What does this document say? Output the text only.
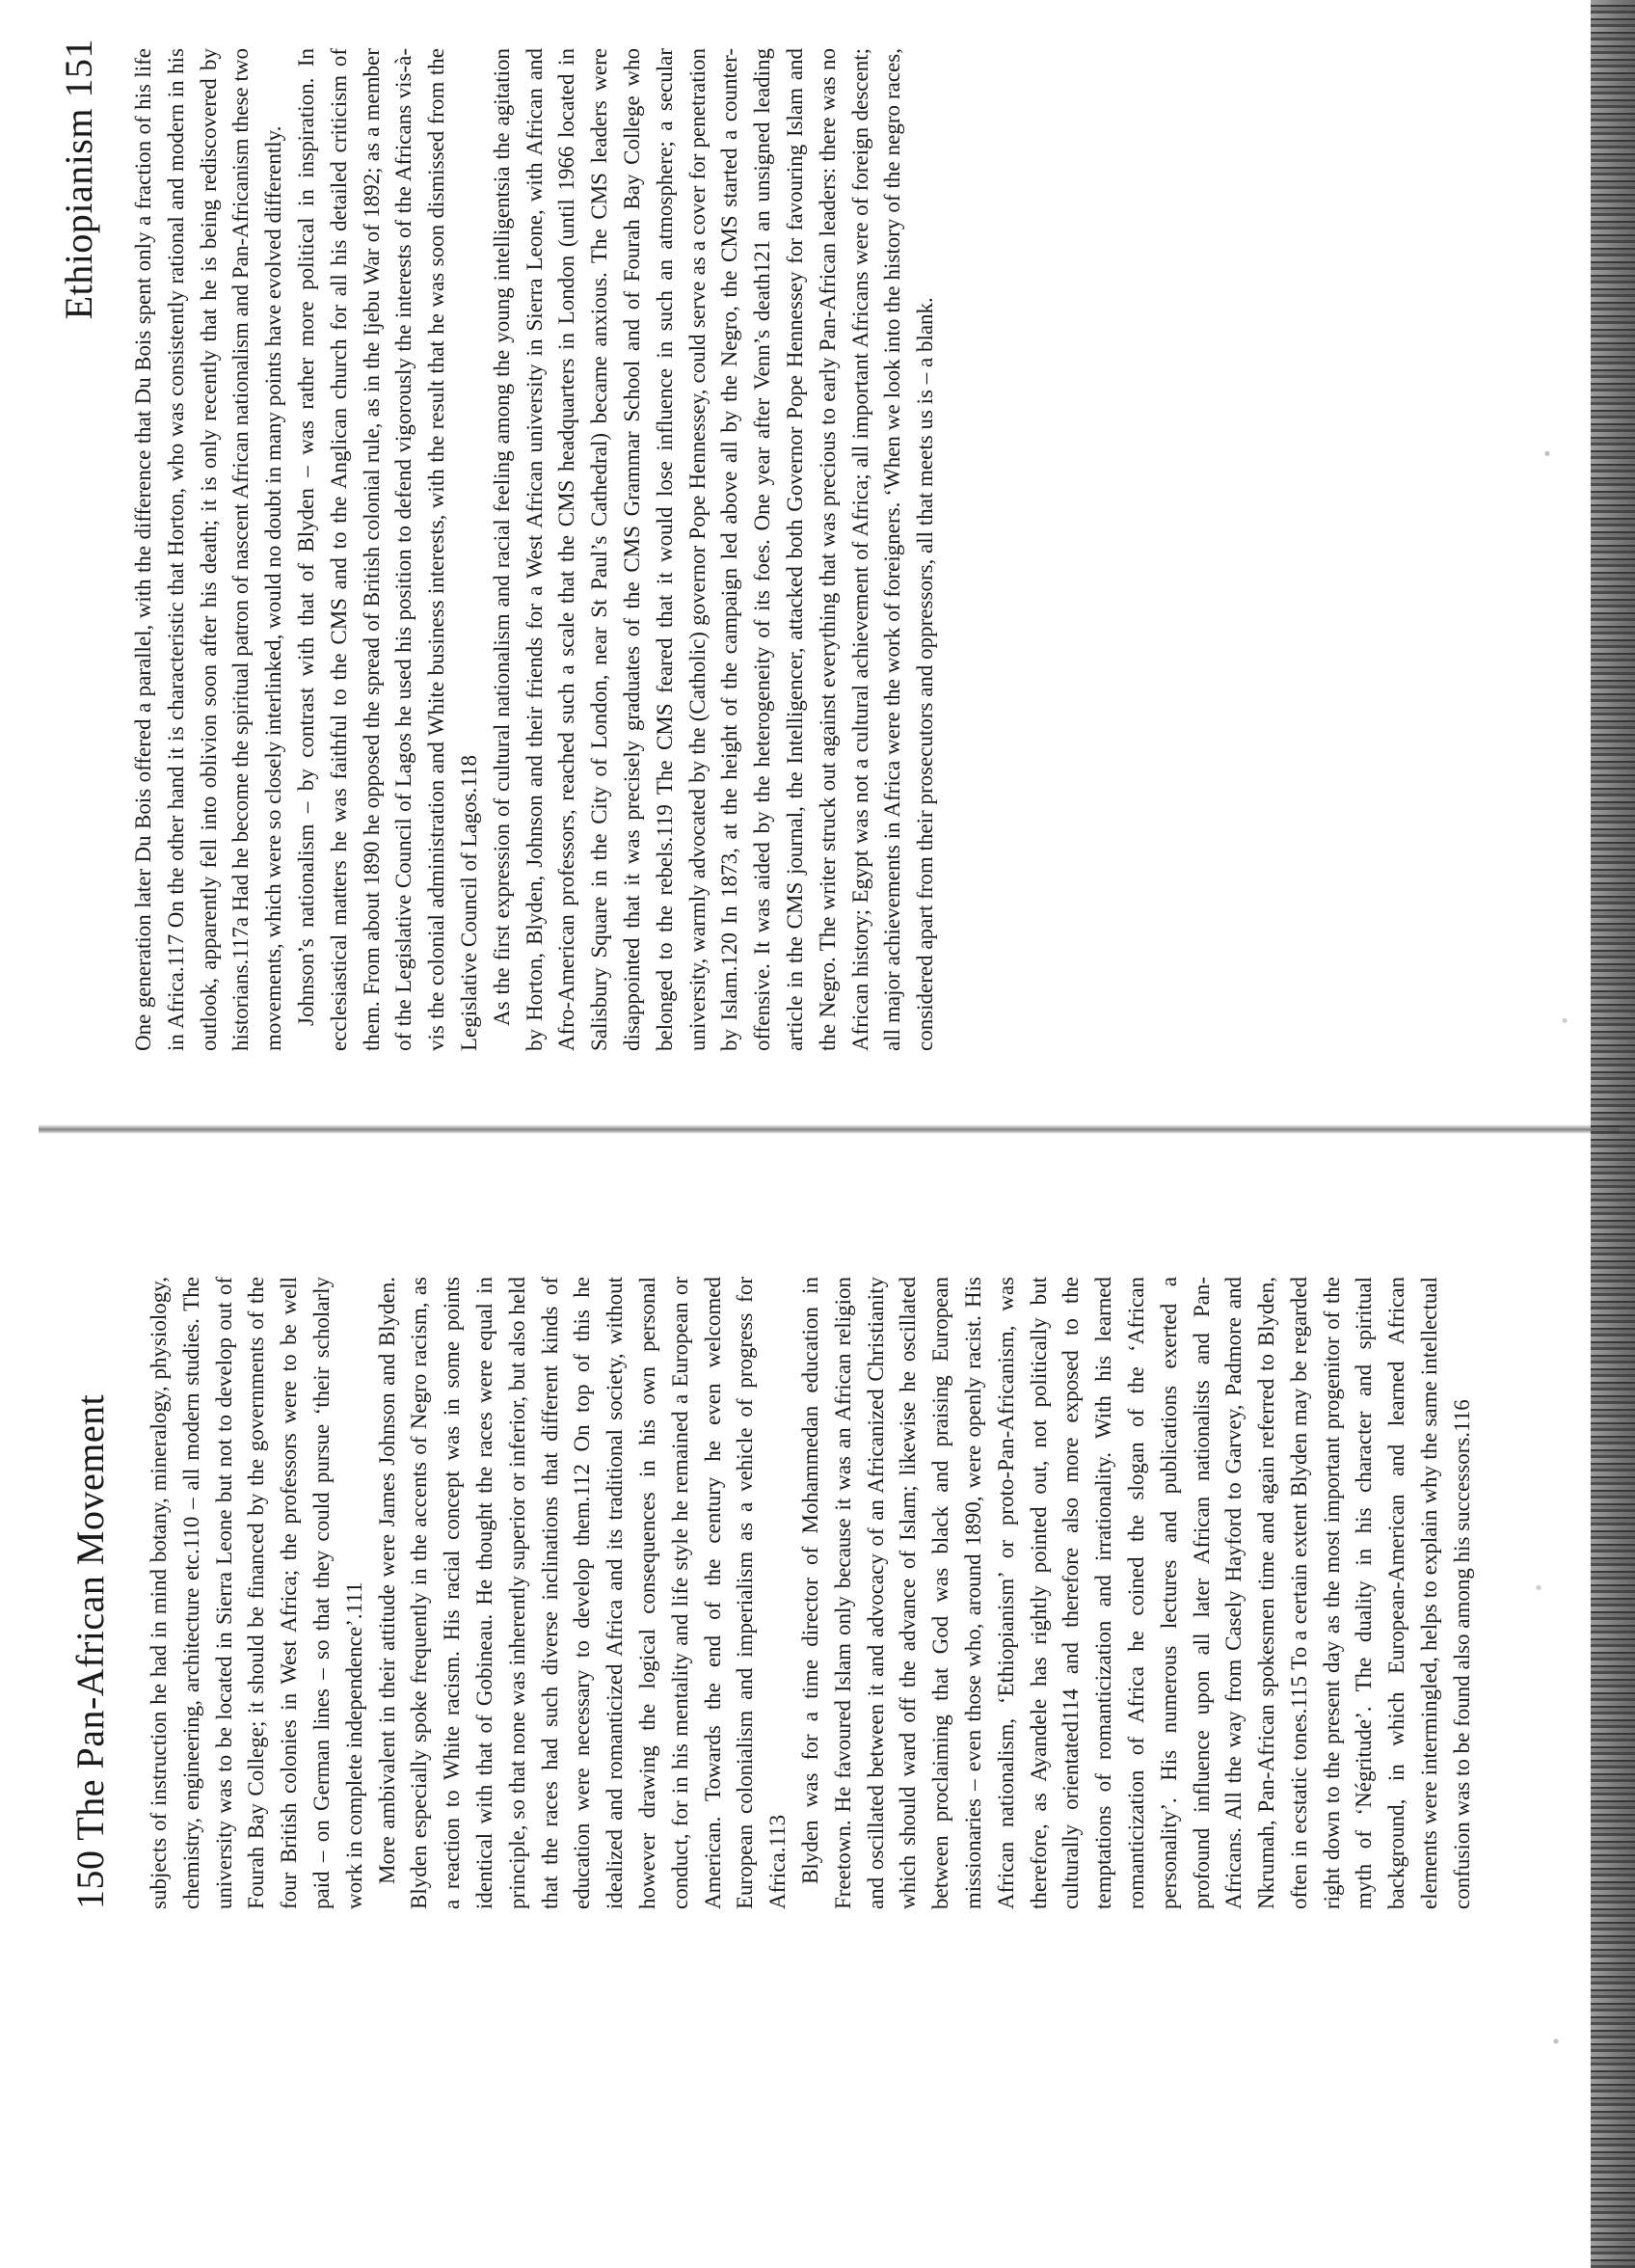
150 The Pan-African Movement subjects of instruction he had in mind botany, mineralogy, physiology, chemistry, engineering, architecture etc.110 – all modern studies. The university was to be located in Sierra Leone but not to develop out of Fourah Bay College; it should be financed by the governments of the four British colonies in West Africa; the professors were to be well paid – on German lines – so that they could pursue ‘their scholarly work in complete independence’.111 More ambivalent in their attitude were James Johnson and Blyden. Blyden especially spoke frequently in the accents of Negro racism, as a reaction to White racism. His racial concept was in some points identical with that of Gobineau. He thought the races were equal in principle, so that none was inherently superior or inferior, but also held that the races had such diverse inclinations that different kinds of education were necessary to develop them.112 On top of this he idealized and romanticized Africa and its traditional society, without however drawing the logical consequences in his own personal conduct, for in his mentality and life style he remained a European or American. Towards the end of the century he even welcomed European colonialism and imperialism as a vehicle of progress for Africa.113 Blyden was for a time director of Mohammedan education in Freetown. He favoured Islam only because it was an African religion and oscillated between it and advocacy of an Africanized Christianity which should ward off the advance of Islam; likewise he oscillated between proclaiming that God was black and praising European missionaries – even those who, around 1890, were openly racist. His African nationalism, ‘Ethiopianism’ or proto-Pan-Africanism, was therefore, as Ayandele has rightly pointed out, not politically but culturally orientated114 and therefore also more exposed to the temptations of romanticization and irrationality. With his learned romanticization of Africa he coined the slogan of the ‘African personality’. His numerous lectures and publications exerted a profound influence upon all later African nationalists and Pan-Africans. All the way from Casely Hayford to Garvey, Padmore and Nkrumah, Pan-African spokesmen time and again referred to Blyden, often in ecstatic tones.115 To a certain extent Blyden may be regarded right down to the present day as the most important progenitor of the myth of ‘Négritude’. The duality in his character and spiritual background, in which European-American and learned African elements were intermingled, helps to explain why the same intellectual confusion was to be found also among his successors.116

Ethiopianism 151 One generation later Du Bois offered a parallel, with the difference that Du Bois spent only a fraction of his life in Africa.117 On the other hand it is characteristic that Horton, who was consistently rational and modern in his outlook, apparently fell into oblivion soon after his death; it is only recently that he is being rediscovered by historians.117a Had he become the spiritual patron of nascent African nationalism and Pan-Africanism these two movements, which were so closely interlinked, would no doubt in many points have evolved differently. Johnson’s nationalism – by contrast with that of Blyden – was rather more political in inspiration. In ecclesiastical matters he was faithful to the CMS and to the Anglican church for all his detailed criticism of them. From about 1890 he opposed the spread of British colonial rule, as in the Ijebu War of 1892; as a member of the Legislative Council of Lagos he used his position to defend vigorously the interests of the Africans vis-à-vis the colonial administration and White business interests, with the result that he was soon dismissed from the Legislative Council of Lagos.118 As the first expression of cultural nationalism and racial feeling among the young intelligentsia the agitation by Horton, Blyden, Johnson and their friends for a West African university in Sierra Leone, with African and Afro-American professors, reached such a scale that the CMS headquarters in London (until 1966 located in Salisbury Square in the City of London, near St Paul’s Cathedral) became anxious. The CMS leaders were disappointed that it was precisely graduates of the CMS Grammar School and of Fourah Bay College who belonged to the rebels.119 The CMS feared that it would lose influence in such an atmosphere; a secular university, warmly advocated by the (Catholic) governor Pope Hennessey, could serve as a cover for penetration by Islam.120 In 1873, at the height of the campaign led above all by the Negro, the CMS started a counter-offensive. It was aided by the heterogeneity of its foes. One year after Venn’s death121 an unsigned leading article in the CMS journal, the Intelligencer, attacked both Governor Pope Hennessey for favouring Islam and the Negro. The writer struck out against everything that was precious to early Pan-African leaders: there was no African history; Egypt was not a cultural achievement of Africa; all important Africans were of foreign descent; all major achievements in Africa were the work of foreigners. ‘When we look into the history of the negro races, considered apart from their prosecutors and oppressors, all that meets us is – a blank.
